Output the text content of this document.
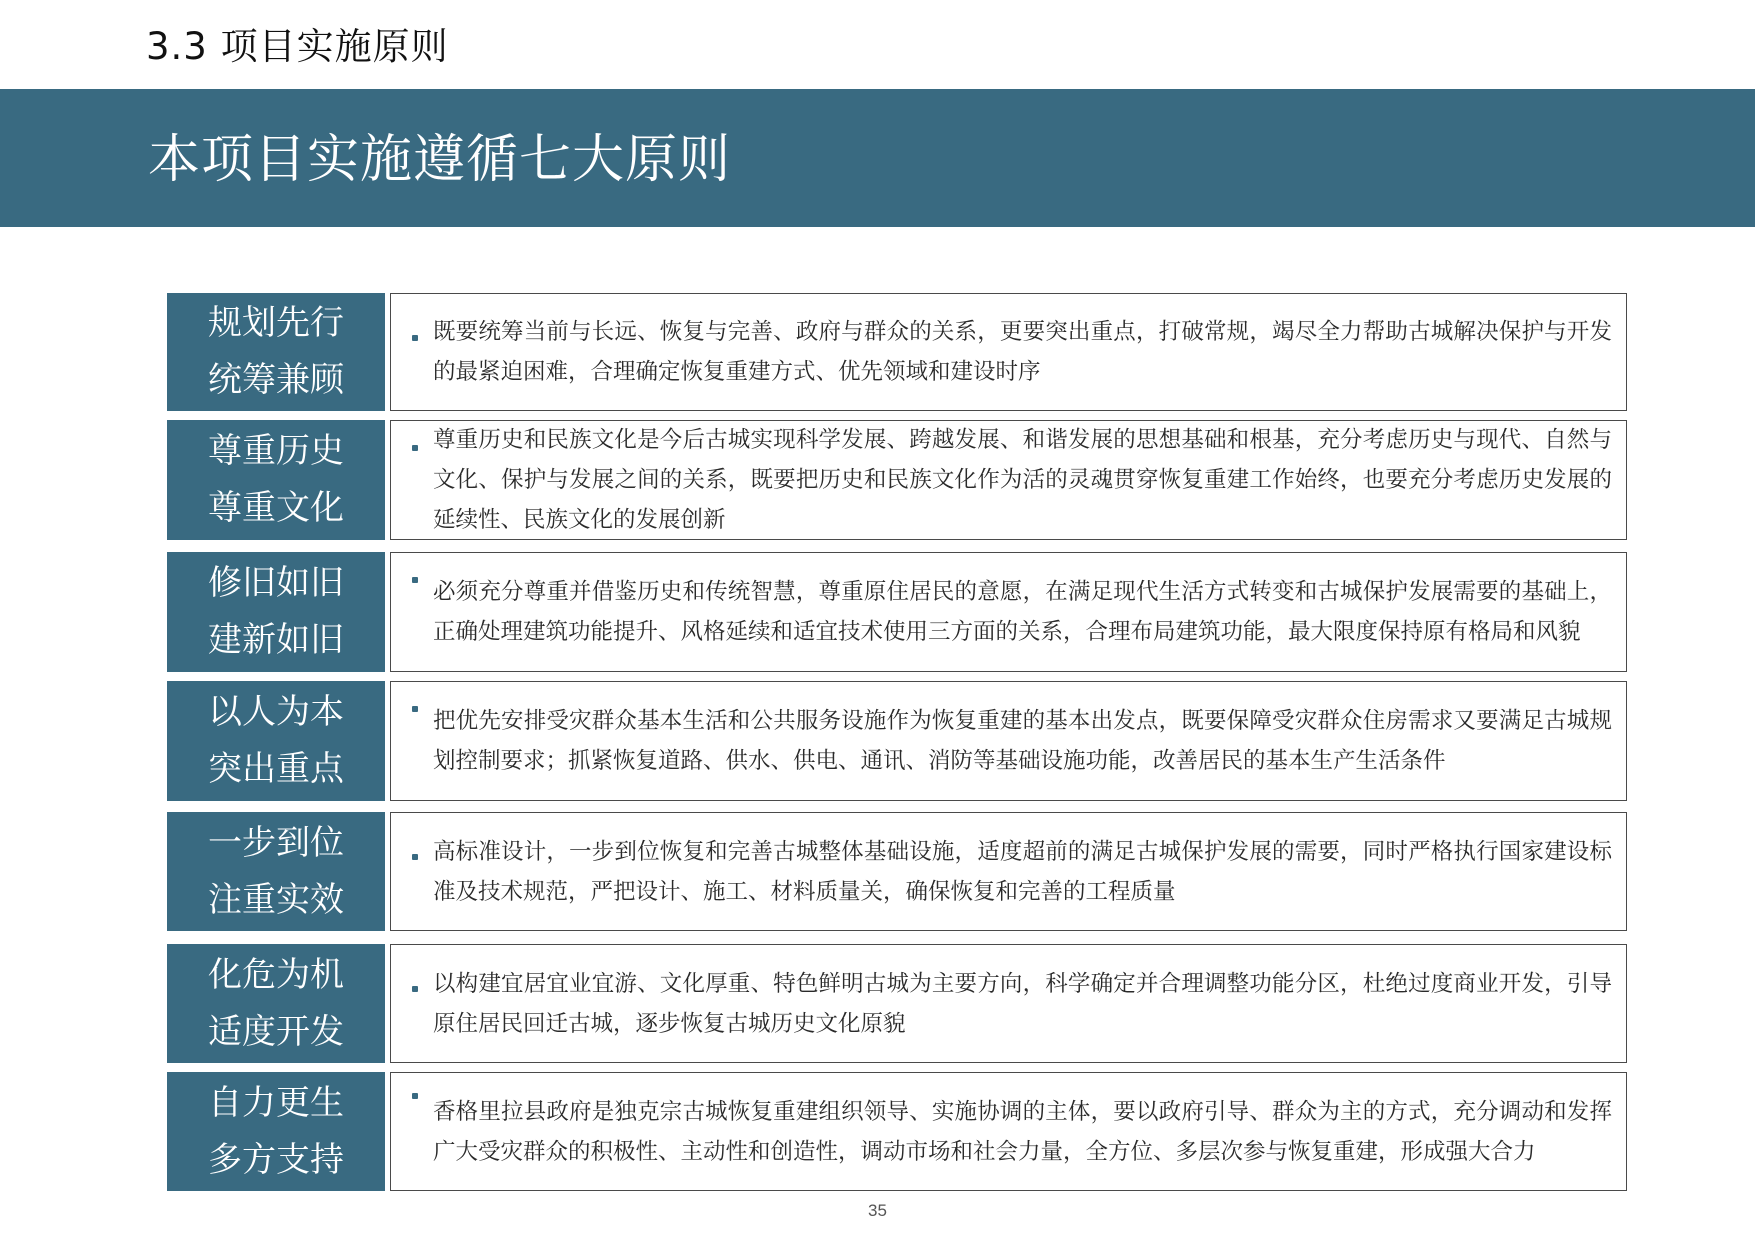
3.3 项目实施原则
本项目实施遵循七大原则
规划先行
统筹兼顾
既要统筹当前与长远、恢复与完善、政府与群众的关系，更要突出重点，打破常规，竭尽全力帮助古城解决保护与开发的最紧迫困难，合理确定恢复重建方式、优先领域和建设时序
尊重历史
尊重文化
尊重历史和民族文化是今后古城实现科学发展、跨越发展、和谐发展的思想基础和根基，充分考虑历史与现代、自然与文化、保护与发展之间的关系，既要把历史和民族文化作为活的灵魂贯穿恢复重建工作始终，也要充分考虑历史发展的延续性、民族文化的发展创新
修旧如旧
建新如旧
必须充分尊重并借鉴历史和传统智慧，尊重原住居民的意愿，在满足现代生活方式转变和古城保护发展需要的基础上，正确处理建筑功能提升、风格延续和适宜技术使用三方面的关系，合理布局建筑功能，最大限度保持原有格局和风貌
以人为本
突出重点
把优先安排受灾群众基本生活和公共服务设施作为恢复重建的基本出发点，既要保障受灾群众住房需求又要满足古城规划控制要求；抓紧恢复道路、供水、供电、通讯、消防等基础设施功能，改善居民的基本生产生活条件
一步到位
注重实效
高标准设计，一步到位恢复和完善古城整体基础设施，适度超前的满足古城保护发展的需要，同时严格执行国家建设标准及技术规范，严把设计、施工、材料质量关，确保恢复和完善的工程质量
化危为机
适度开发
以构建宜居宜业宜游、文化厚重、特色鲜明古城为主要方向，科学确定并合理调整功能分区，杜绝过度商业开发，引导原住居民回迁古城，逐步恢复古城历史文化原貌
自力更生
多方支持
香格里拉县政府是独克宗古城恢复重建组织领导、实施协调的主体，要以政府引导、群众为主的方式，充分调动和发挥广大受灾群众的积极性、主动性和创造性，调动市场和社会力量，全方位、多层次参与恢复重建，形成强大合力
35
